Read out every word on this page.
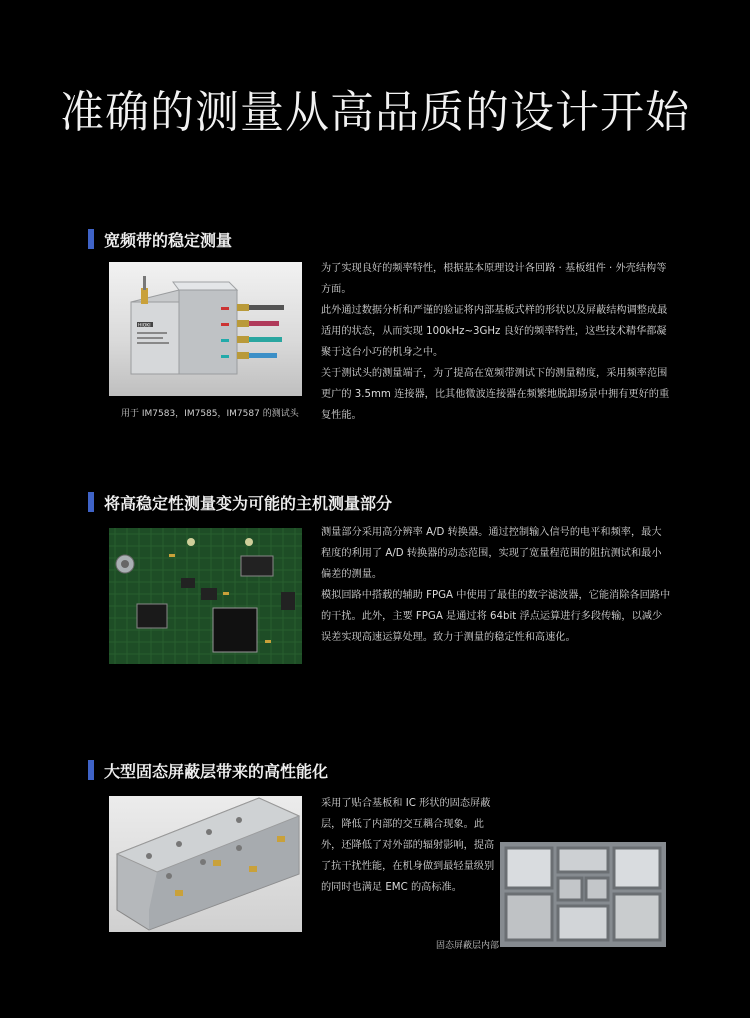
准确的测量从高品质的设计开始
宽频带的稳定测量
HIOKI
用于 IM7583，IM7585，IM7587 的测试头

为了实现良好的频率特性，根据基本原理设计各回路 · 基板组件 · 外壳结构等方面。

此外通过数据分析和严谨的验证将内部基板式样的形状以及屏蔽结构调整成最适用的状态，从而实现 100kHz~3GHz 良好的频率特性，这些技术精华都凝聚于这台小巧的机身之中。

关于测试头的测量端子，为了提高在宽频带测试下的测量精度，采用频率范围更广的 3.5mm 连接器，比其他微波连接器在频繁地脱卸场景中拥有更好的重复性能。

将高稳定性测量变为可能的主机测量部分

测量部分采用高分辨率 A/D 转换器。通过控制输入信号的电平和频率，最大程度的利用了 A/D 转换器的动态范围，实现了宽量程范围的阻抗测试和最小偏差的测量。

模拟回路中搭载的辅助 FPGA 中使用了最佳的数字滤波器，它能消除各回路中的干扰。此外，主要 FPGA 是通过将 64bit 浮点运算进行多段传输，以减少误差实现高速运算处理。致力于测量的稳定性和高速化。

大型固态屏蔽层带来的高性能化

采用了贴合基板和 IC 形状的固态屏蔽层，降低了内部的交互耦合现象。此外，还降低了对外部的辐射影响，提高了抗干扰性能，在机身做到最轻量级别的同时也满足 EMC 的高标准。

固态屏蔽层内部
